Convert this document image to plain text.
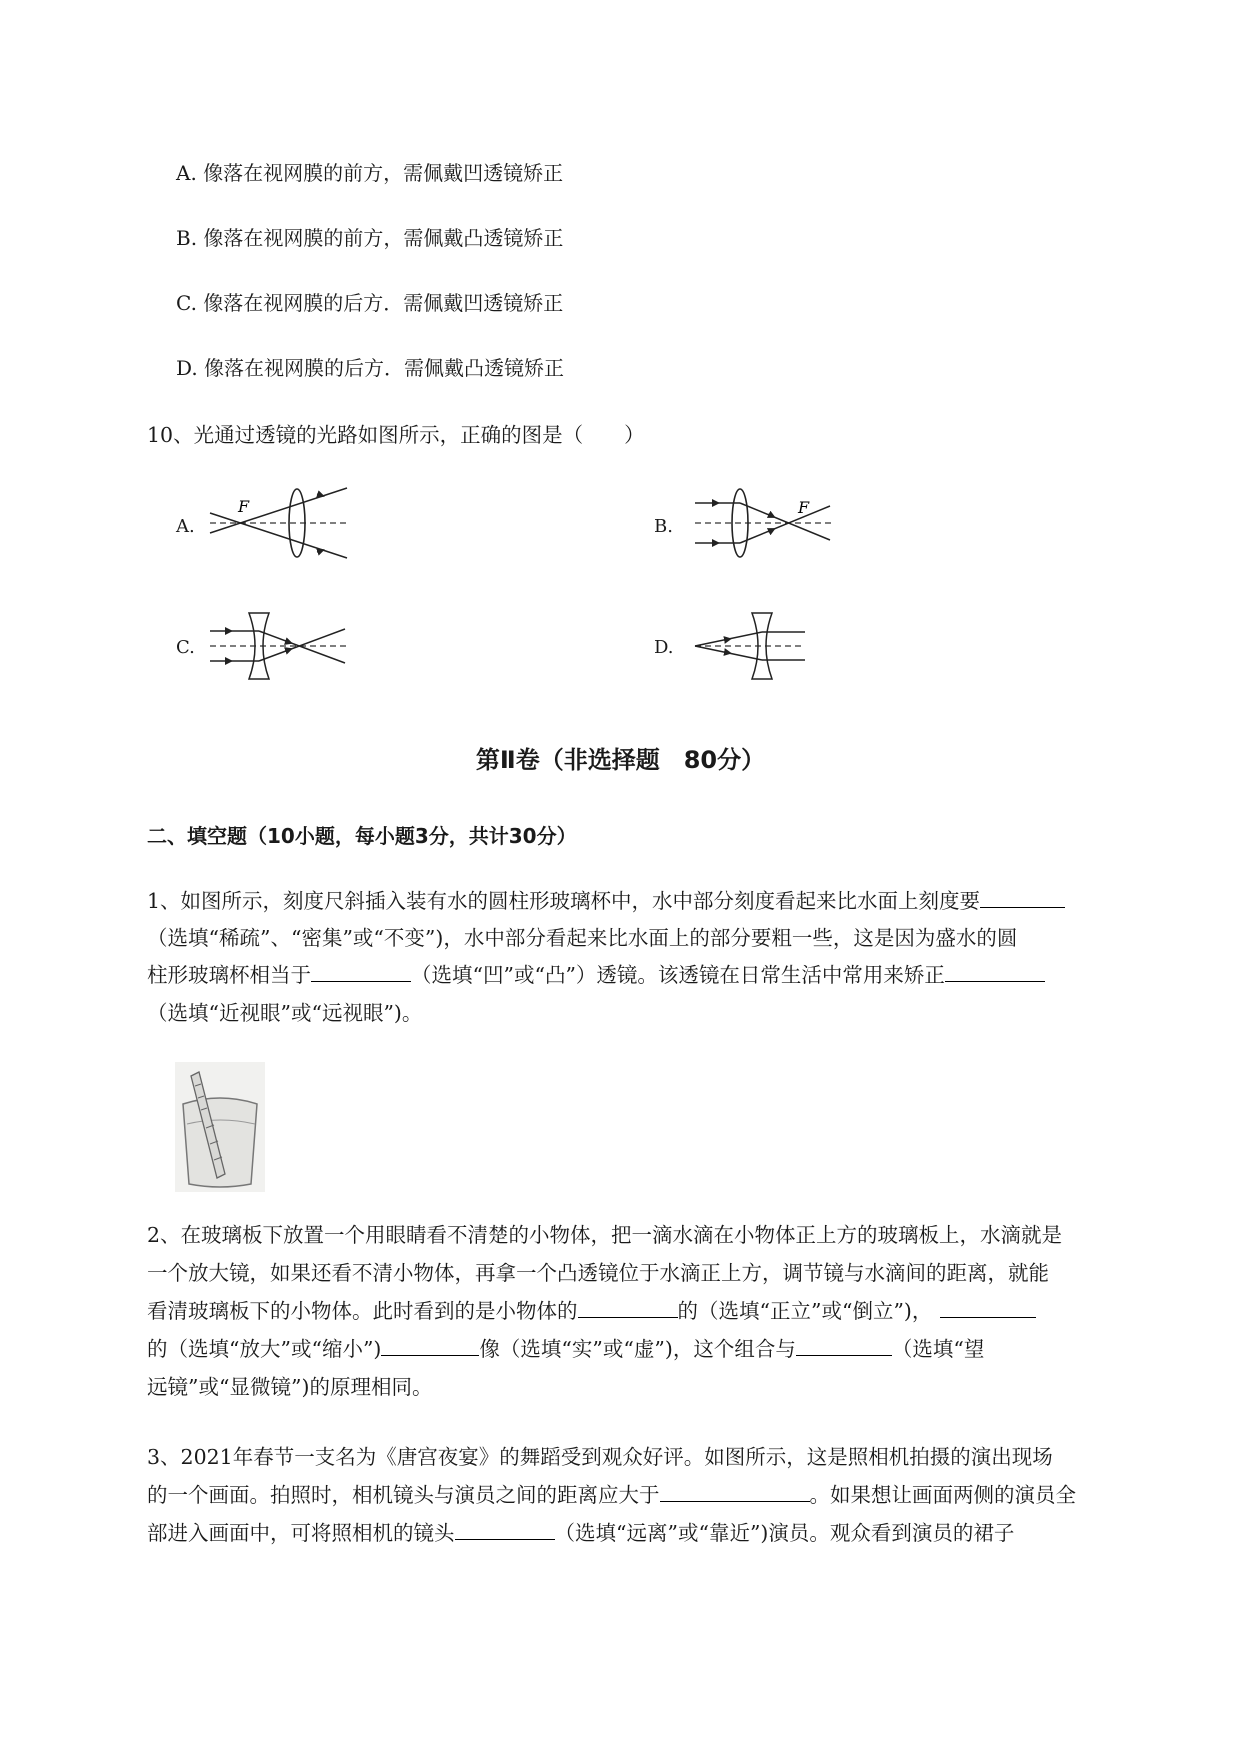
A. 像落在视网膜的前方，需佩戴凹透镜矫正
B. 像落在视网膜的前方，需佩戴凸透镜矫正
C. 像落在视网膜的后方．需佩戴凹透镜矫正
D. 像落在视网膜的后方．需佩戴凸透镜矫正
10、光通过透镜的光路如图所示，正确的图是（　　）
A.	B.
C.	D.
F	F
第Ⅱ卷（非选择题　80分）
二、填空题（10小题，每小题3分，共计30分）
1、如图所示，刻度尺斜插入装有水的圆柱形玻璃杯中，水中部分刻度看起来比水面上刻度要
（选填“稀疏”、“密集”或“不变”)，水中部分看起来比水面上的部分要粗一些，这是因为盛水的圆
柱形玻璃杯相当于	（选填“凹”或“凸”）透镜。该透镜在日常生活中常用来矫正
（选填“近视眼”或“远视眼”)。
2、在玻璃板下放置一个用眼睛看不清楚的小物体，把一滴水滴在小物体正上方的玻璃板上，水滴就是
一个放大镜，如果还看不清小物体，再拿一个凸透镜位于水滴正上方，调节镜与水滴间的距离，就能
看清玻璃板下的小物体。此时看到的是小物体的	的（选填“正立”或“倒立”)，
的（选填“放大”或“缩小”)	像（选填“实”或“虚”)，这个组合与	（选填“望
远镜”或“显微镜”)的原理相同。
3、2021年春节一支名为《唐宫夜宴》的舞蹈受到观众好评。如图所示，这是照相机拍摄的演出现场
的一个画面。拍照时，相机镜头与演员之间的距离应大于	。如果想让画面两侧的演员全
部进入画面中，可将照相机的镜头	（选填“远离”或“靠近”)演员。观众看到演员的裙子
